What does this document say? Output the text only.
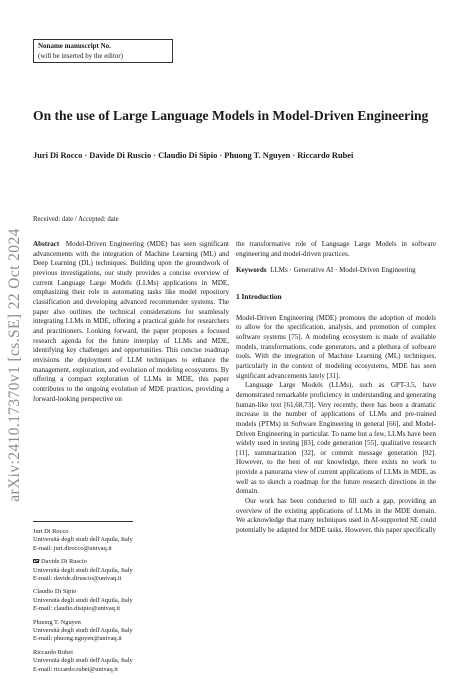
Noname manuscript No.
(will be inserted by the editor)
On the use of Large Language Models in Model-Driven Engineering
Juri Di Rocco · Davide Di Ruscio · Claudio Di Sipio · Phuong T. Nguyen · Riccardo Rubei
Received: date / Accepted: date
arXiv:2410.17370v1 [cs.SE] 22 Oct 2024 Abstract Model-Driven Engineering (MDE) has seen significant advancements with the integration of Machine Learning (ML) and Deep Learning (DL) techniques. Building upon the groundwork of previous investigations, our study provides a concise overview of current Language Large Models (LLMs) applications in MDE, emphasizing their role in automating tasks like model repository classification and developing advanced recommender systems. The paper also outlines the technical considerations for seamlessly integrating LLMs in MDE, offering a practical guide for researchers and practitioners. Looking forward, the paper proposes a focused research agenda for the future interplay of LLMs and MDE, identifying key challenges and opportunities. This concise roadmap envisions the deployment of LLM techniques to enhance the management, exploration, and evolution of modeling ecosystems. By offering a compact exploration of LLMs in MDE, this paper contributes to the ongoing evolution of MDE practices, providing a forward-looking perspective on

the transformative role of Language Large Models in software engineering and model-driven practices.

Keywords LLMs · Generative AI · Model-Driven Engineering

1 Introduction

Model-Driven Engineering (MDE) promotes the adoption of models to allow for the specification, analysis, and promotion of complex software systems [75]. A modeling ecosystem is made of available models, transformations, code generators, and a plethora of software tools. With the integration of Machine Learning (ML) techniques, particularly in the context of modeling ecosystems, MDE has seen significant advancements lately [31].

Language Large Models (LLMs), such as GPT-3.5, have demonstrated remarkable proficiency in understanding and generating human-like text [61,68,73]. Very recently, there has been a dramatic increase in the number of applications of LLMs and pre-trained models (PTMs) in Software Engineering in general [66], and Model-Driven Engineering in particular. To name but a few, LLMs have been widely used in testing [83], code generation [55], qualitative research [11], summarization [32], or commit message generation [92]. However, to the best of our knowledge, there exists no work to provide a panorama view of current applications of LLMs in MDE, as well as to sketch a roadmap for the future research directions in the domain.

Our work has been conducted to fill such a gap, providing an overview of the existing applications of LLMs in the MDE domain. We acknowledge that many techniques used in AI-supported SE could potentially be adapted for MDE tasks. However, this paper specifically

Juri Di Rocco
Università degli studi dell'Aquila, Italy
E-mail: juri.dirocco@univaq.it
Davide Di Ruscio
Università degli studi dell'Aquila, Italy
E-mail: davide.diruscio@univaq.it
Claudio Di Sipio
Università degli studi dell'Aquila, Italy
E-mail: claudio.disipio@univaq.it
Phuong T. Nguyen
Università degli studi dell'Aquila, Italy
E-mail: phuong.nguyen@univaq.it
Riccardo Rubei
Università degli studi dell'Aquila, Italy
E-mail: riccardo.rubei@univaq.it
